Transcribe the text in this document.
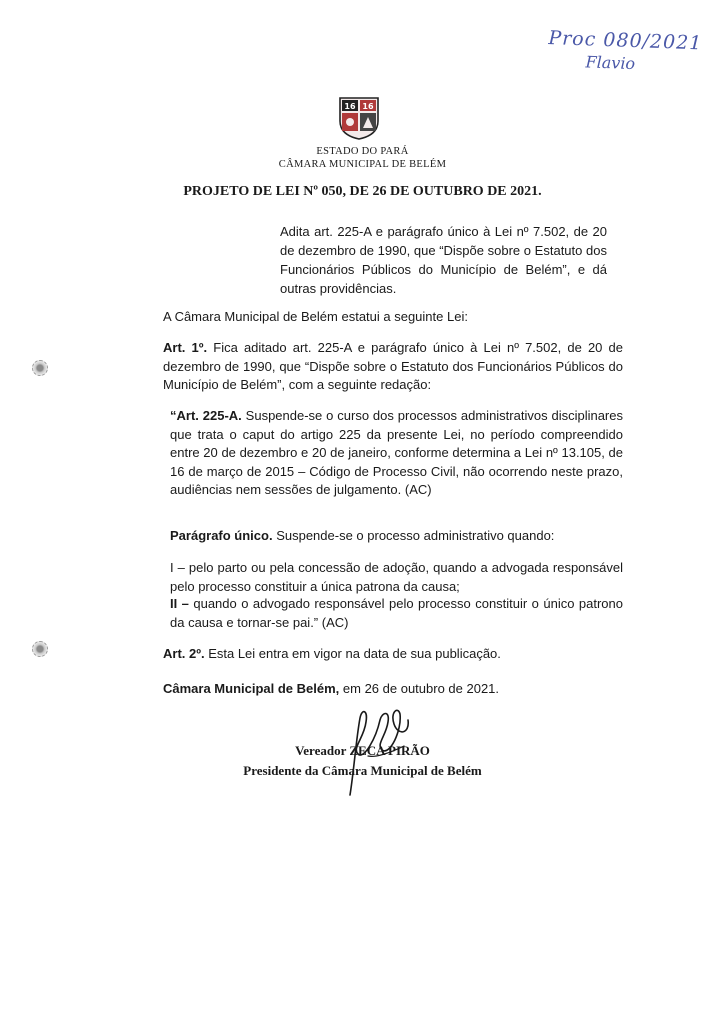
Proc 080/2021
Flavio
16 16
ESTADO DO PARÁ
CÂMARA MUNICIPAL DE BELÉM
PROJETO DE LEI Nº 050, DE 26 DE OUTUBRO DE 2021.
Adita art. 225-A e parágrafo único à Lei nº 7.502, de 20 de dezembro de 1990, que “Dispõe sobre o Estatuto dos Funcionários Públicos do Município de Belém”, e dá outras providências.
A Câmara Municipal de Belém estatui a seguinte Lei:
Art. 1º. Fica aditado art. 225-A e parágrafo único à Lei nº 7.502, de 20 de dezembro de 1990, que “Dispõe sobre o Estatuto dos Funcionários Públicos do Município de Belém”, com a seguinte redação:
“Art. 225-A. Suspende-se o curso dos processos administrativos disciplinares que trata o caput do artigo 225 da presente Lei, no período compreendido entre 20 de dezembro e 20 de janeiro, conforme determina a Lei nº 13.105, de 16 de março de 2015 – Código de Processo Civil, não ocorrendo neste prazo, audiências nem sessões de julgamento. (AC)
Parágrafo único. Suspende-se o processo administrativo quando:
I – pelo parto ou pela concessão de adoção, quando a advogada responsável pelo processo constituir a única patrona da causa;
II – quando o advogado responsável pelo processo constituir o único patrono da causa e tornar-se pai.” (AC)
Art. 2º. Esta Lei entra em vigor na data de sua publicação.
Câmara Municipal de Belém, em 26 de outubro de 2021.
Vereador ZECA PIRÃO
Presidente da Câmara Municipal de Belém
